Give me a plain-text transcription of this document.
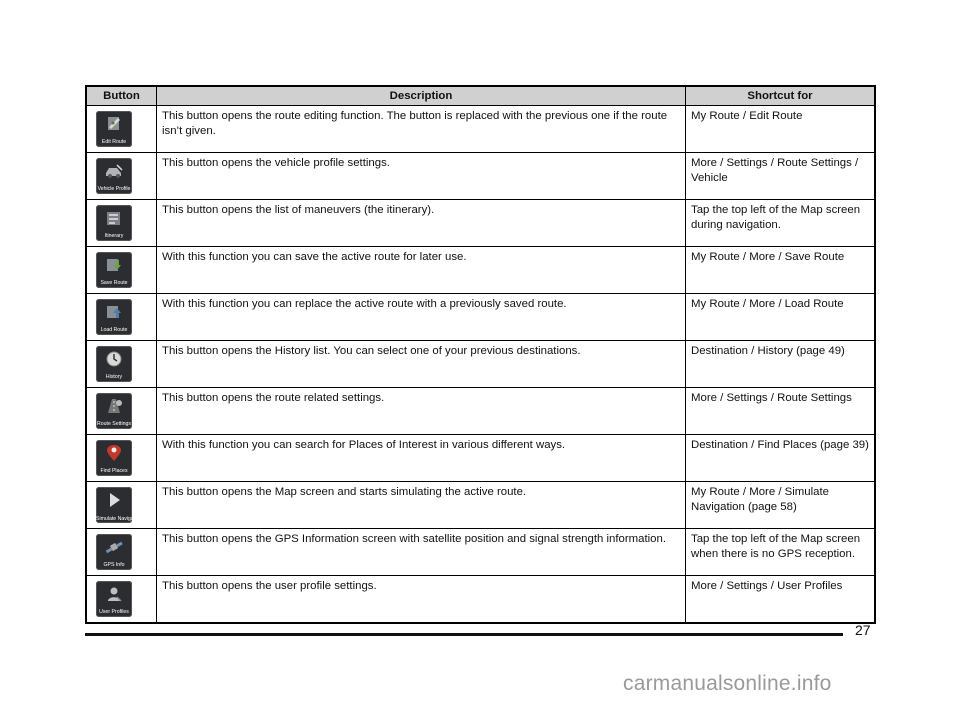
Button	Description	Shortcut for

Edit Route	This button opens the route editing function. The button is replaced with the previous one if the route isn’t given.	My Route / Edit Route

Vehicle Profile	This button opens the vehicle profile settings.	More / Settings / Route Settings / Vehicle

Itinerary	This button opens the list of maneuvers (the itinerary).	Tap the top left of the Map screen during navigation.

Save Route	With this function you can save the active route for later use.	My Route / More / Save Route

Load Route	With this function you can replace the active route with a previously saved route.	My Route / More / Load Route

History	This button opens the History list. You can select one of your previous destinations.	Destination / History (page 49)

Route Settings	This button opens the route related settings.	More / Settings / Route Settings

Find Places	With this function you can search for Places of Interest in various different ways.	Destination / Find Places (page 39)

Simulate Navigation	This button opens the Map screen and starts simulating the active route.	My Route / More / Simulate Navigation (page 58)

GPS Info	This button opens the GPS Information screen with satellite position and signal strength information.	Tap the top left of the Map screen when there is no GPS reception.

User Profiles	This button opens the user profile settings.	More / Settings / User Profiles
27
carmanualsonline.info
